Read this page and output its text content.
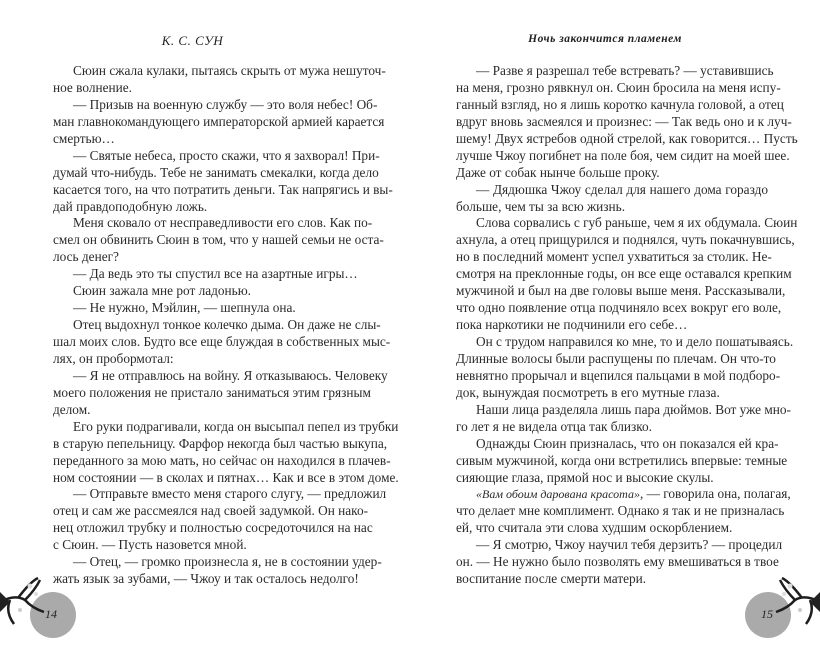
К. С. СУН
Сюин сжала кулаки, пытаясь скрыть от мужа нешуточ-
ное волнение.
— Призыв на военную службу — это воля небес! Об-
ман главнокомандующего императорской армией карается
смертью…
— Святые небеса, просто скажи, что я захворал! При-
думай что-нибудь. Тебе не занимать смекалки, когда дело
касается того, на что потратить деньги. Так напрягись и вы-
дай правдоподобную ложь.
Меня сковало от несправедливости его слов. Как по-
смел он обвинить Сюин в том, что у нашей семьи не оста-
лось денег?
— Да ведь это ты спустил все на азартные игры…
Сюин зажала мне рот ладонью.
— Не нужно, Мэйлин, — шепнула она.
Отец выдохнул тонкое колечко дыма. Он даже не слы-
шал моих слов. Будто все еще блуждая в собственных мыс-
лях, он пробормотал:
— Я не отправлюсь на войну. Я отказываюсь. Человеку
моего положения не пристало заниматься этим грязным
делом.
Его руки подрагивали, когда он высыпал пепел из трубки
в старую пепельницу. Фарфор некогда был частью выкупа,
переданного за мою мать, но сейчас он находился в плачев-
ном состоянии — в сколах и пятнах… Как и все в этом доме.
— Отправьте вместо меня старого слугу, — предложил
отец и сам же рассмеялся над своей задумкой. Он нако-
нец отложил трубку и полностью сосредоточился на нас
с Сюин. — Пусть назовется мной.
— Отец, — громко произнесла я, не в состоянии удер-
жать язык за зубами, — Чжоу и так осталось недолго!
14
Ночь закончится пламенем
— Разве я разрешал тебе встревать? — уставившись
на меня, грозно рявкнул он. Сюин бросила на меня испу-
ганный взгляд, но я лишь коротко качнула головой, а отец
вдруг вновь засмеялся и произнес: — Так ведь оно и к луч-
шему! Двух ястребов одной стрелой, как говорится… Пусть
лучше Чжоу погибнет на поле боя, чем сидит на моей шее.
Даже от собак нынче больше проку.
— Дядюшка Чжоу сделал для нашего дома гораздо
больше, чем ты за всю жизнь.
Слова сорвались с губ раньше, чем я их обдумала. Сюин
ахнула, а отец прищурился и поднялся, чуть покачнувшись,
но в последний момент успел ухватиться за столик. Не-
смотря на преклонные годы, он все еще оставался крепким
мужчиной и был на две головы выше меня. Рассказывали,
что одно появление отца подчиняло всех вокруг его воле,
пока наркотики не подчинили его себе…
Он с трудом направился ко мне, то и дело пошатываясь.
Длинные волосы были распущены по плечам. Он что-то
невнятно прорычал и вцепился пальцами в мой подборо-
док, вынуждая посмотреть в его мутные глаза.
Наши лица разделяла лишь пара дюймов. Вот уже мно-
го лет я не видела отца так близко.
Однажды Сюин призналась, что он показался ей кра-
сивым мужчиной, когда они встретились впервые: темные
сияющие глаза, прямой нос и высокие скулы.
«Вам обоим дарована красота», — говорила она, полагая,
что делает мне комплимент. Однако я так и не призналась
ей, что считала эти слова худшим оскорблением.
— Я смотрю, Чжоу научил тебя дерзить? — процедил
он. — Не нужно было позволять ему вмешиваться в твое
воспитание после смерти матери.
15
